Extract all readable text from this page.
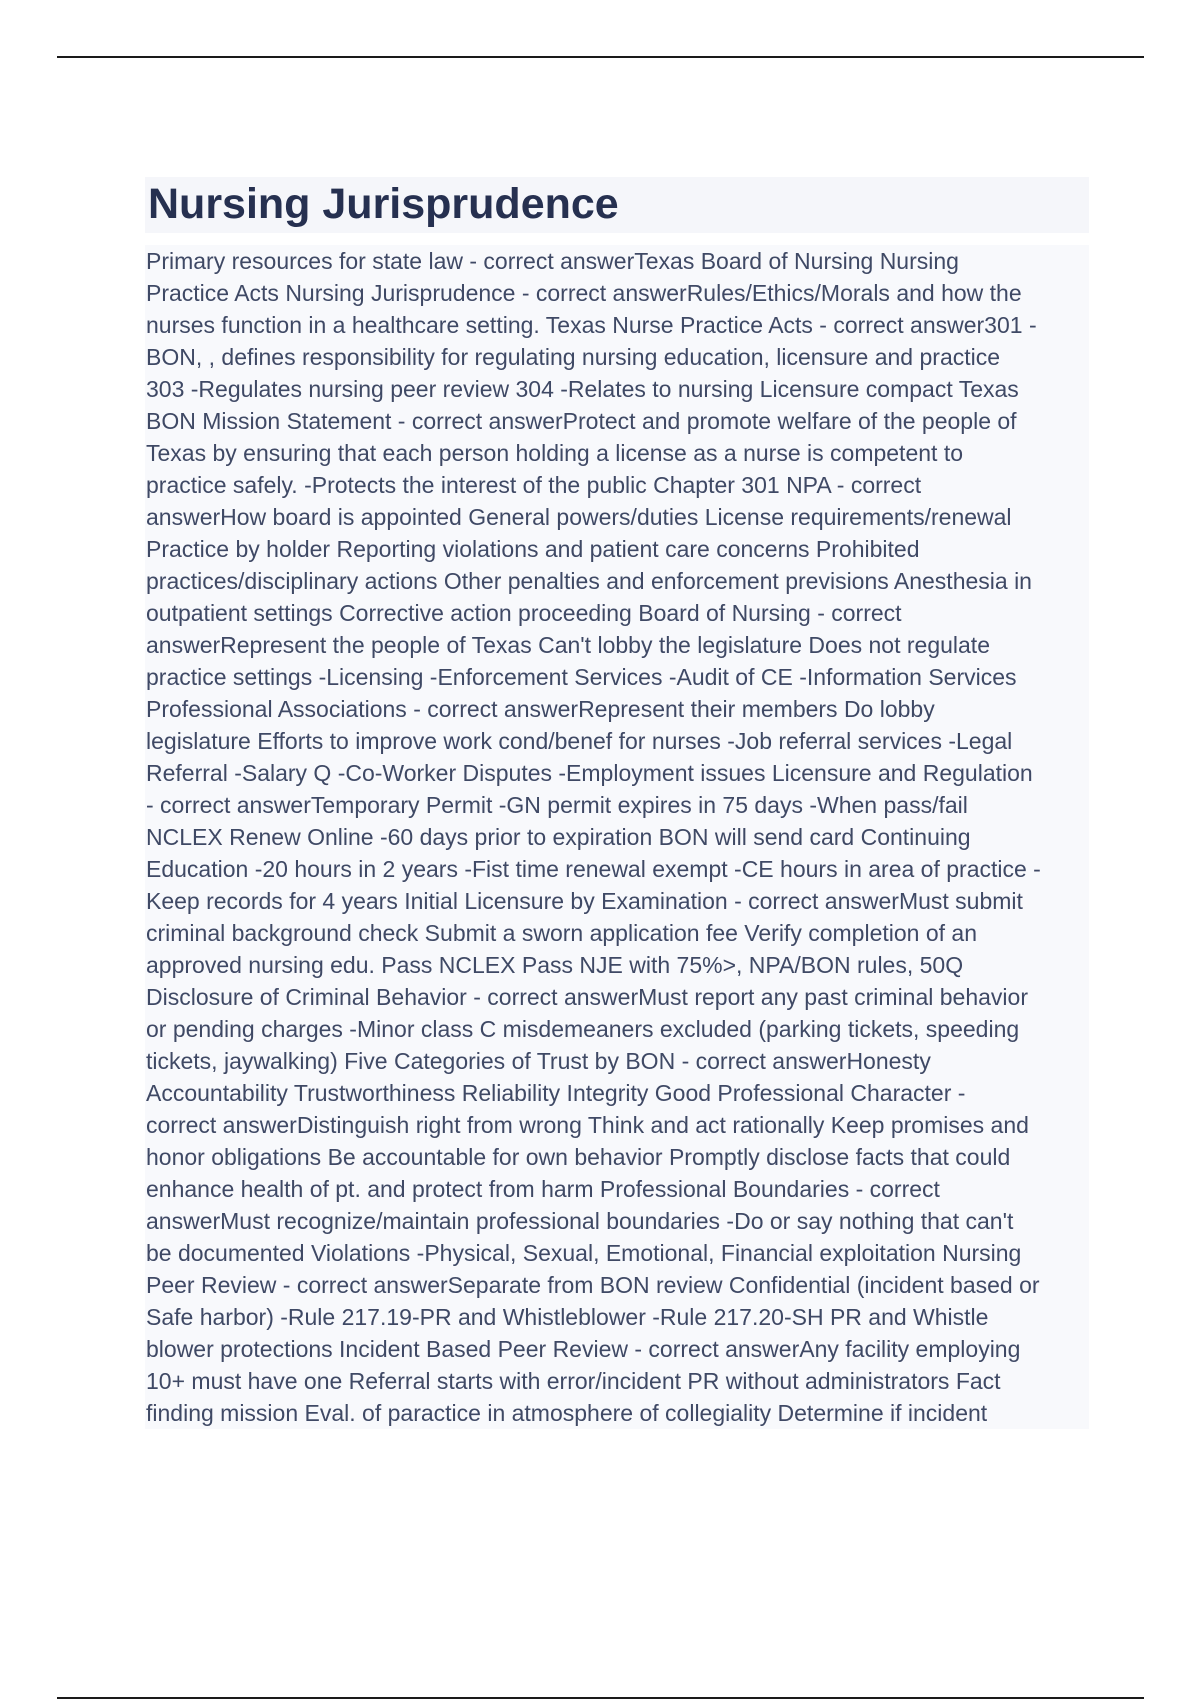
Nursing Jurisprudence
Primary resources for state law - correct answerTexas Board of Nursing Nursing
Practice Acts Nursing Jurisprudence - correct answerRules/Ethics/Morals and how the
nurses function in a healthcare setting. Texas Nurse Practice Acts - correct answer301 -
BON, , defines responsibility for regulating nursing education, licensure and practice
303 -Regulates nursing peer review 304 -Relates to nursing Licensure compact Texas
BON Mission Statement - correct answerProtect and promote welfare of the people of
Texas by ensuring that each person holding a license as a nurse is competent to
practice safely. -Protects the interest of the public Chapter 301 NPA - correct
answerHow board is appointed General powers/duties License requirements/renewal
Practice by holder Reporting violations and patient care concerns Prohibited
practices/disciplinary actions Other penalties and enforcement previsions Anesthesia in
outpatient settings Corrective action proceeding Board of Nursing - correct
answerRepresent the people of Texas Can't lobby the legislature Does not regulate
practice settings -Licensing -Enforcement Services -Audit of CE -Information Services
Professional Associations - correct answerRepresent their members Do lobby
legislature Efforts to improve work cond/benef for nurses -Job referral services -Legal
Referral -Salary Q -Co-Worker Disputes -Employment issues Licensure and Regulation
- correct answerTemporary Permit -GN permit expires in 75 days -When pass/fail
NCLEX Renew Online -60 days prior to expiration BON will send card Continuing
Education -20 hours in 2 years -Fist time renewal exempt -CE hours in area of practice -
Keep records for 4 years Initial Licensure by Examination - correct answerMust submit
criminal background check Submit a sworn application fee Verify completion of an
approved nursing edu. Pass NCLEX Pass NJE with 75%>, NPA/BON rules, 50Q
Disclosure of Criminal Behavior - correct answerMust report any past criminal behavior
or pending charges -Minor class C misdemeaners excluded (parking tickets, speeding
tickets, jaywalking) Five Categories of Trust by BON - correct answerHonesty
Accountability Trustworthiness Reliability Integrity Good Professional Character -
correct answerDistinguish right from wrong Think and act rationally Keep promises and
honor obligations Be accountable for own behavior Promptly disclose facts that could
enhance health of pt. and protect from harm Professional Boundaries - correct
answerMust recognize/maintain professional boundaries -Do or say nothing that can't
be documented Violations -Physical, Sexual, Emotional, Financial exploitation Nursing
Peer Review - correct answerSeparate from BON review Confidential (incident based or
Safe harbor) -Rule 217.19-PR and Whistleblower -Rule 217.20-SH PR and Whistle
blower protections Incident Based Peer Review - correct answerAny facility employing
10+ must have one Referral starts with error/incident PR without administrators Fact
finding mission Eval. of paractice in atmosphere of collegiality Determine if incident
